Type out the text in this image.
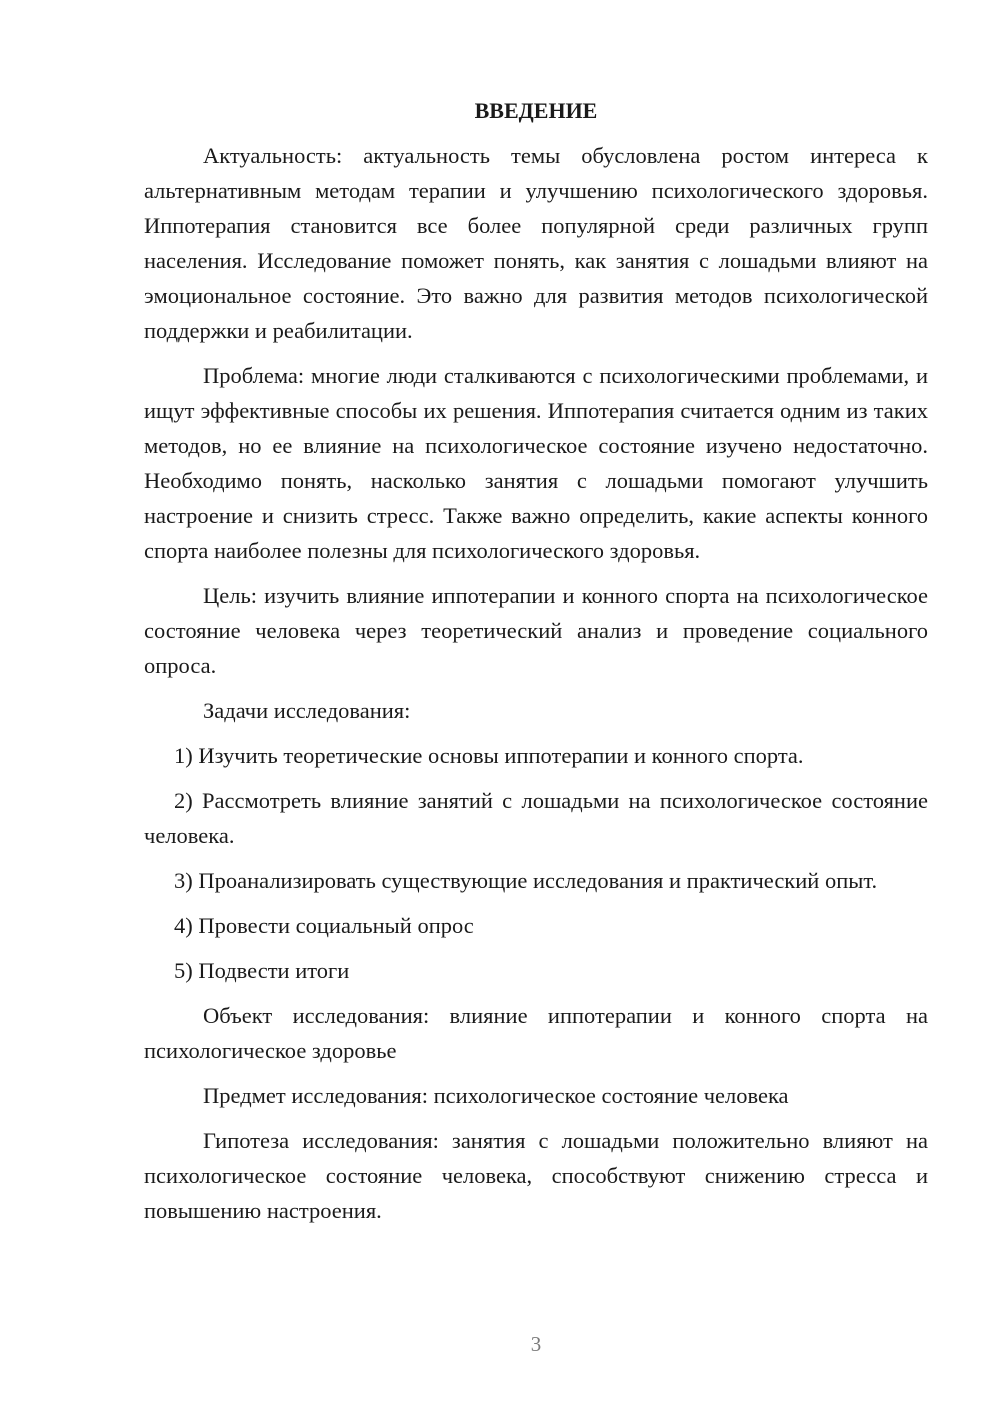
ВВЕДЕНИЕ

Актуальность: актуальность темы обусловлена ростом интереса к альтернативным методам терапии и улучшению психологического здоровья. Иппотерапия становится все более популярной среди различных групп населения. Исследование поможет понять, как занятия с лошадьми влияют на эмоциональное состояние. Это важно для развития методов психологической поддержки и реабилитации.

Проблема: многие люди сталкиваются с психологическими проблемами, и ищут эффективные способы их решения. Иппотерапия считается одним из таких методов, но ее влияние на психологическое состояние изучено недостаточно. Необходимо понять, насколько занятия с лошадьми помогают улучшить настроение и снизить стресс. Также важно определить, какие аспекты конного спорта наиболее полезны для психологического здоровья.

Цель: изучить влияние иппотерапии и конного спорта на психологическое состояние человека через теоретический анализ и проведение социального опроса.

Задачи исследования:

1) Изучить теоретические основы иппотерапии и конного спорта.

2) Рассмотреть влияние занятий с лошадьми на психологическое состояние человека.

3) Проанализировать существующие исследования и практический опыт.

4) Провести социальный опрос

5) Подвести итоги

Объект исследования: влияние иппотерапии и конного спорта на психологическое здоровье

Предмет исследования: психологическое состояние человека

Гипотеза исследования: занятия с лошадьми положительно влияют на психологическое состояние человека, способствуют снижению стресса и повышению настроения.

3
